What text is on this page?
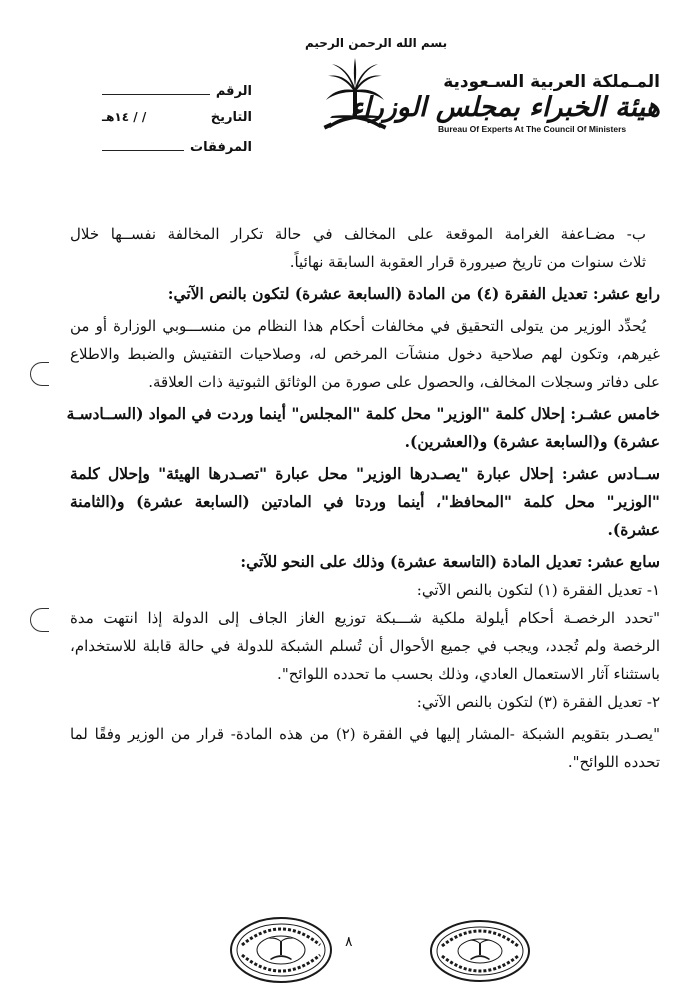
الرقم
التاريخ
/ / ١٤هـ
المرفقات
بسم الله الرحمن الرحيم
المـملكة العربية السـعودية
هيئة الخبراء بمجلس الوزراء
Bureau Of Experts At The Council Of Ministers
ب- مضـاعفة الغرامة الموقعة على المخالف في حالة تكرار المخالفة نفســها خلال
ثلاث سنوات من تاريخ صيرورة قرار العقوبة السابقة نهائياً.
رابع عشر: تعديل الفقرة (٤) من المادة (السابعة عشرة) لتكون بالنص الآتي:
يُحدِّد الوزير من يتولى التحقيق في مخالفات أحكام هذا النظام من منســـوبي الوزارة أو من
غيرهم، وتكون لهم صلاحية دخول منشآت المرخص له، وصلاحيات التفتيش والضبط والاطلاع
على دفاتر وسجلات المخالف، والحصول على صورة من الوثائق الثبوتية ذات العلاقة.
خامس عشـر: إحلال كلمة "الوزير" محل كلمة "المجلس" أينما وردت في المواد (الســادسـة
عشرة) و(السابعة عشرة) و(العشرين).
ســادس عشر: إحلال عبارة "يصـدرها الوزير" محل عبارة "تصـدرها الهيئة" وإحلال كلمة
"الوزير" محل كلمة "المحافظ"، أينما وردتا في المادتين (السابعة عشرة) و(الثامنة
عشرة).
سابع عشر: تعديل المادة (التاسعة عشرة) وذلك على النحو للآتي:
١- تعديل الفقرة (١) لتكون بالنص الآتي:
"تحدد الرخصـة أحكام أيلولة ملكية شـــبكة توزيع الغاز الجاف إلى الدولة إذا انتهت مدة
الرخصة ولم تُجدد، ويجب في جميع الأحوال أن تُسلم الشبكة للدولة في حالة قابلة للاستخدام،
باستثناء آثار الاستعمال العادي، وذلك بحسب ما تحدده اللوائح".
٢- تعديل الفقرة (٣) لتكون بالنص الآتي:
"يصـدر بتقويم الشبكة -المشار إليها في الفقرة (٢) من هذه المادة- قرار من الوزير وفقًا لما
تحدده اللوائح".
٨
